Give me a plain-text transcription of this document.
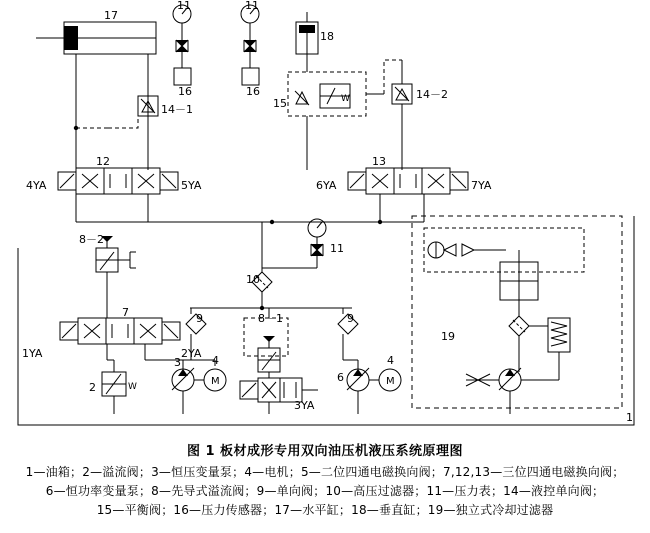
W
W	M	M
17
11	11
16	16
18
15
14－1
14－2
12	13
4YA	5YA	6YA	7YA
11
8－2
10
9	9
7
1YA	2YA
2
3	4
8－1
3YA
6
4
19
1
图 1 板材成形专用双向油压机液压系统原理图
1—油箱；2—溢流阀；3—恒压变量泵；4—电机；5—二位四通电磁换向阀；7,12,13—三位四通电磁换向阀；
6—恒功率变量泵；8—先导式溢流阀；9—单向阀；10—高压过滤器；11—压力表；14—液控单向阀；
15—平衡阀；16—压力传感器；17—水平缸；18—垂直缸；19—独立式冷却过滤器
